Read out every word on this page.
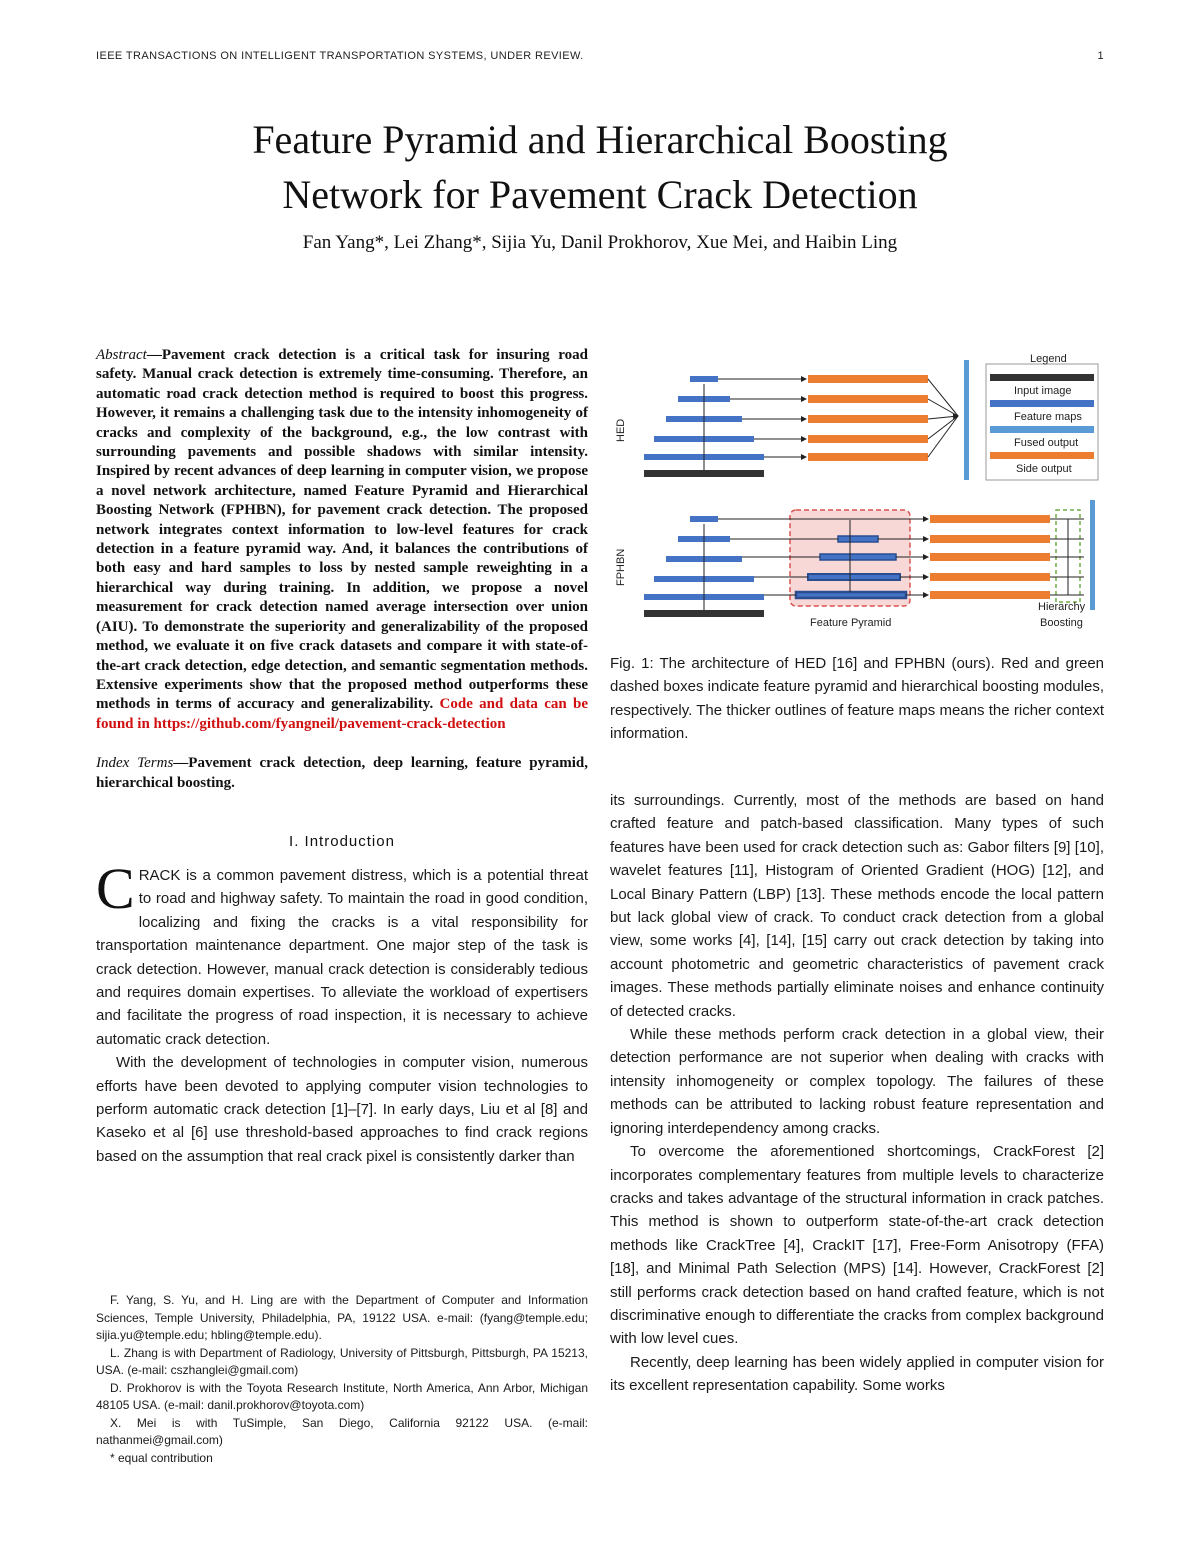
IEEE TRANSACTIONS ON INTELLIGENT TRANSPORTATION SYSTEMS, UNDER REVIEW.	1
Feature Pyramid and Hierarchical Boosting
Network for Pavement Crack Detection
Fan Yang*, Lei Zhang*, Sijia Yu, Danil Prokhorov, Xue Mei, and Haibin Ling
Abstract—Pavement crack detection is a critical task for insuring road safety. Manual crack detection is extremely time-consuming. Therefore, an automatic road crack detection method is required to boost this progress. However, it remains a challenging task due to the intensity inhomogeneity of cracks and complexity of the background, e.g., the low contrast with surrounding pavements and possible shadows with similar intensity. Inspired by recent advances of deep learning in computer vision, we propose a novel network architecture, named Feature Pyramid and Hierarchical Boosting Network (FPHBN), for pavement crack detection. The proposed network integrates context information to low-level features for crack detection in a feature pyramid way. And, it balances the contributions of both easy and hard samples to loss by nested sample reweighting in a hierarchical way during training. In addition, we propose a novel measurement for crack detection named average intersection over union (AIU). To demonstrate the superiority and generalizability of the proposed method, we evaluate it on five crack datasets and compare it with state-of-the-art crack detection, edge detection, and semantic segmentation methods. Extensive experiments show that the proposed method outperforms these methods in terms of accuracy and generalizability. Code and data can be found in https://github.com/fyangneil/pavement-crack-detection
Index Terms—Pavement crack detection, deep learning, feature pyramid, hierarchical boosting.
I. Introduction

CRACK is a common pavement distress, which is a potential threat to road and highway safety. To maintain the road in good condition, localizing and fixing the cracks is a vital responsibility for transportation maintenance department. One major step of the task is crack detection. However, manual crack detection is considerably tedious and requires domain expertises. To alleviate the workload of expertisers and facilitate the progress of road inspection, it is necessary to achieve automatic crack detection.

With the development of technologies in computer vision, numerous efforts have been devoted to applying computer vision technologies to perform automatic crack detection [1]–[7]. In early days, Liu et al [8] and Kaseko et al [6] use threshold-based approaches to find crack regions based on the assumption that real crack pixel is consistently darker than

F. Yang, S. Yu, and H. Ling are with the Department of Computer and Information Sciences, Temple University, Philadelphia, PA, 19122 USA. e-mail: (fyang@temple.edu; sijia.yu@temple.edu; hbling@temple.edu).

L. Zhang is with Department of Radiology, University of Pittsburgh, Pittsburgh, PA 15213, USA. (e-mail: cszhanglei@gmail.com)

D. Prokhorov is with the Toyota Research Institute, North America, Ann Arbor, Michigan 48105 USA. (e-mail: danil.prokhorov@toyota.com)

X. Mei is with TuSimple, San Diego, California 92122 USA. (e-mail: nathanmei@gmail.com)

* equal contribution

HED
Legend
Input image
Feature maps
Fused output
Side output
FPHBN
Feature Pyramid
Hierarchy
Boosting
Fig. 1: The architecture of HED [16] and FPHBN (ours). Red and green dashed boxes indicate feature pyramid and hierarchical boosting modules, respectively. The thicker outlines of feature maps means the richer context information.

its surroundings. Currently, most of the methods are based on hand crafted feature and patch-based classification. Many types of such features have been used for crack detection such as: Gabor filters [9] [10], wavelet features [11], Histogram of Oriented Gradient (HOG) [12], and Local Binary Pattern (LBP) [13]. These methods encode the local pattern but lack global view of crack. To conduct crack detection from a global view, some works [4], [14], [15] carry out crack detection by taking into account photometric and geometric characteristics of pavement crack images. These methods partially eliminate noises and enhance continuity of detected cracks.

While these methods perform crack detection in a global view, their detection performance are not superior when dealing with cracks with intensity inhomogeneity or complex topology. The failures of these methods can be attributed to lacking robust feature representation and ignoring interdependency among cracks.

To overcome the aforementioned shortcomings, CrackForest [2] incorporates complementary features from multiple levels to characterize cracks and takes advantage of the structural information in crack patches. This method is shown to outperform state-of-the-art crack detection methods like CrackTree [4], CrackIT [17], Free-Form Anisotropy (FFA) [18], and Minimal Path Selection (MPS) [14]. However, CrackForest [2] still performs crack detection based on hand crafted feature, which is not discriminative enough to differentiate the cracks from complex background with low level cues.

Recently, deep learning has been widely applied in computer vision for its excellent representation capability. Some works
